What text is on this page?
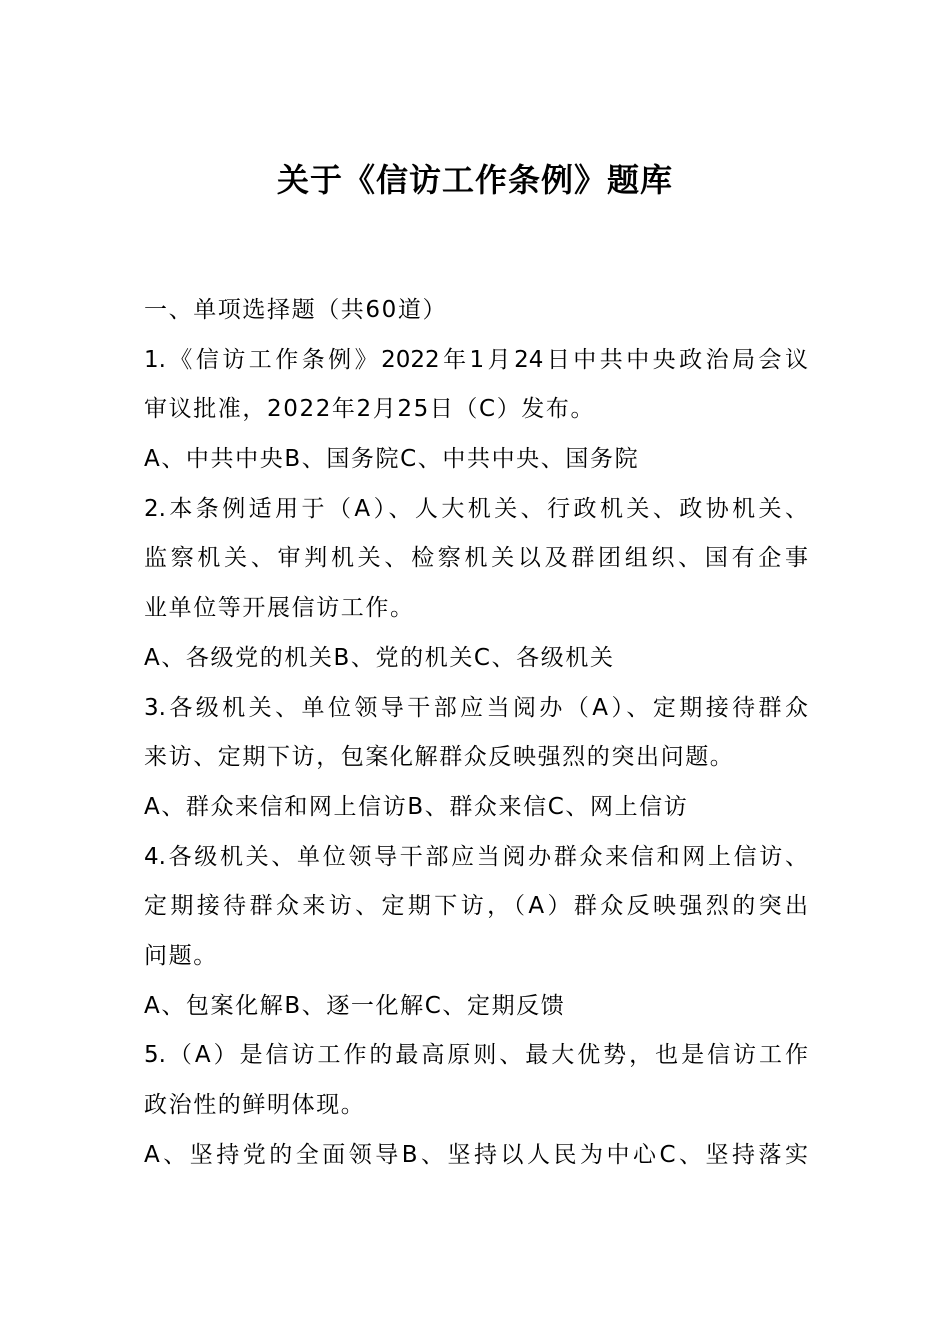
关于《信访工作条例》题库
一、单项选择题（共60道）
1.《信访工作条例》2022年1月24日中共中央政治局会议
审议批准，2022年2月25日（C）发布。
A、中共中央B、国务院C、中共中央、国务院
2.本条例适用于（A）、人大机关、行政机关、政协机关、
监察机关、审判机关、检察机关以及群团组织、国有企事
业单位等开展信访工作。
A、各级党的机关B、党的机关C、各级机关
3.各级机关、单位领导干部应当阅办（A）、定期接待群众
来访、定期下访，包案化解群众反映强烈的突出问题。
A、群众来信和网上信访B、群众来信C、网上信访
4.各级机关、单位领导干部应当阅办群众来信和网上信访、
定期接待群众来访、定期下访，（A）群众反映强烈的突出
问题。
A、包案化解B、逐一化解C、定期反馈
5.（A）是信访工作的最高原则、最大优势，也是信访工作
政治性的鲜明体现。
A、坚持党的全面领导B、坚持以人民为中心C、坚持落实
